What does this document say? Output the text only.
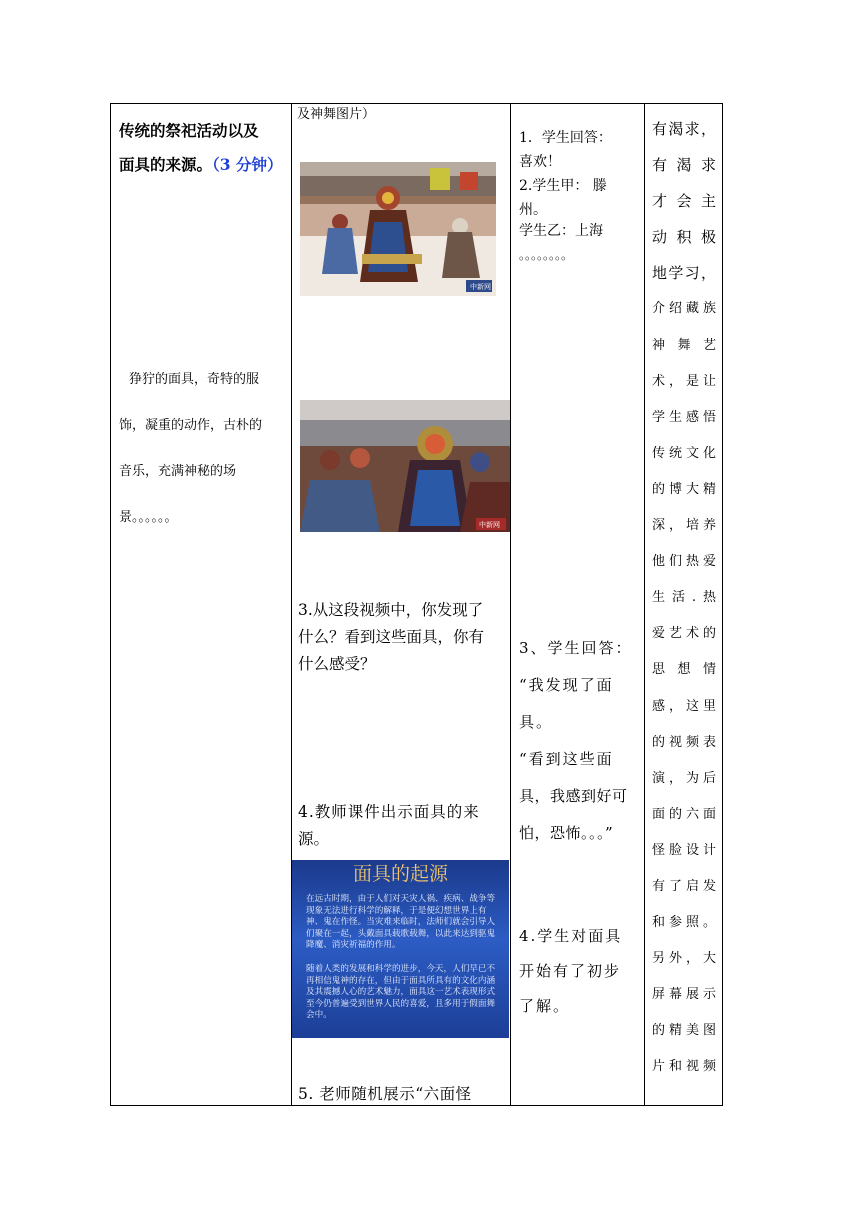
传统的祭祀活动以及
面具的来源。（3 分钟）
狰狞的面具，奇特的服
饰，凝重的动作，古朴的
音乐，充满神秘的场
景。。。。。。
及神舞图片）
中新网
中新网
3.从这段视频中，你发现了
什么？看到这些面具，你有
什么感受？
4.教师课件出示面具的来
源。
面具的起源
在远古时期，由于人们对天灾人祸、疾病、战争等现象无法进行科学的解释，于是便幻想世界上有神、鬼在作怪。当灾难来临时，法师们就会引导人们聚在一起，头戴面具载歌载舞，以此来达到驱鬼降魔、消灾祈福的作用。
随着人类的发展和科学的进步，今天，人们早已不再相信鬼神的存在，但由于面具所具有的文化内涵及其震撼人心的艺术魅力，面具这一艺术表现形式至今仍普遍受到世界人民的喜爱，且多用于假面舞会中。
5. 老师随机展示“六面怪
1．学生回答：
喜欢！
2.学生甲： 滕
州。
学生乙：上海
。。。。。。。。
3、学生回答：
“我发现了面
具。
“看到这些面
具，我感到好可
怕，恐怖。。。”
4.学生对面具
开始有了初步
了解。
有渴求，
有渴求
才会主
动积极
地学习，
介绍藏族
神舞艺
术，是让
学生感悟
传统文化
的博大精
深，培养
他们热爱
生活.热
爱艺术的
思想情
感，这里
的视频表
演，为后
面的六面
怪脸设计
有了启发
和参照。
另外，大
屏幕展示
的精美图
片和视频
